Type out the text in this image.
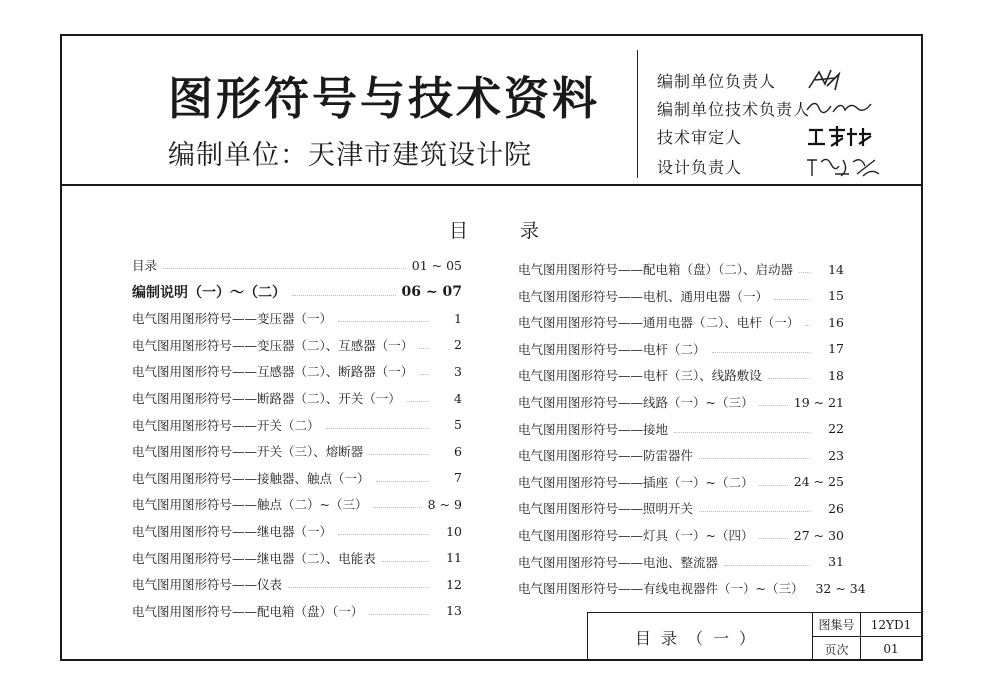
图形符号与技术资料
编制单位：天津市建筑设计院
编制单位负责人
编制单位技术负责人
技术审定人
设计负责人
目录
目录	01 ~ 05
编制说明（一）～（二）	06 ~ 07
电气图用图形符号——变压器（一）	1
电气图用图形符号——变压器（二）、互感器（一）	2
电气图用图形符号——互感器（二）、断路器（一）	3
电气图用图形符号——断路器（二）、开关（一）	4
电气图用图形符号——开关（二）	5
电气图用图形符号——开关（三）、熔断器	6
电气图用图形符号——接触器、触点（一）	7
电气图用图形符号——触点（二）~（三）	8 ~ 9
电气图用图形符号——继电器（一）	10
电气图用图形符号——继电器（二）、电能表	11
电气图用图形符号——仪表	12
电气图用图形符号——配电箱（盘）（一）	13
电气图用图形符号——配电箱（盘）（二）、启动器	14
电气图用图形符号——电机、通用电器（一）	15
电气图用图形符号——通用电器（二）、电杆（一）	16
电气图用图形符号——电杆（二）	17
电气图用图形符号——电杆（三）、线路敷设	18
电气图用图形符号——线路（一）~（三）	19 ~ 21
电气图用图形符号——接地	22
电气图用图形符号——防雷器件	23
电气图用图形符号——插座（一）~（二）	24 ~ 25
电气图用图形符号——照明开关	26
电气图用图形符号——灯具（一）~（四）	27 ~ 30
电气图用图形符号——电池、整流器	31
电气图用图形符号——有线电视器件（一）~（三） 32 ~ 34
目录（一）
图集号	12YD1
页次	01
